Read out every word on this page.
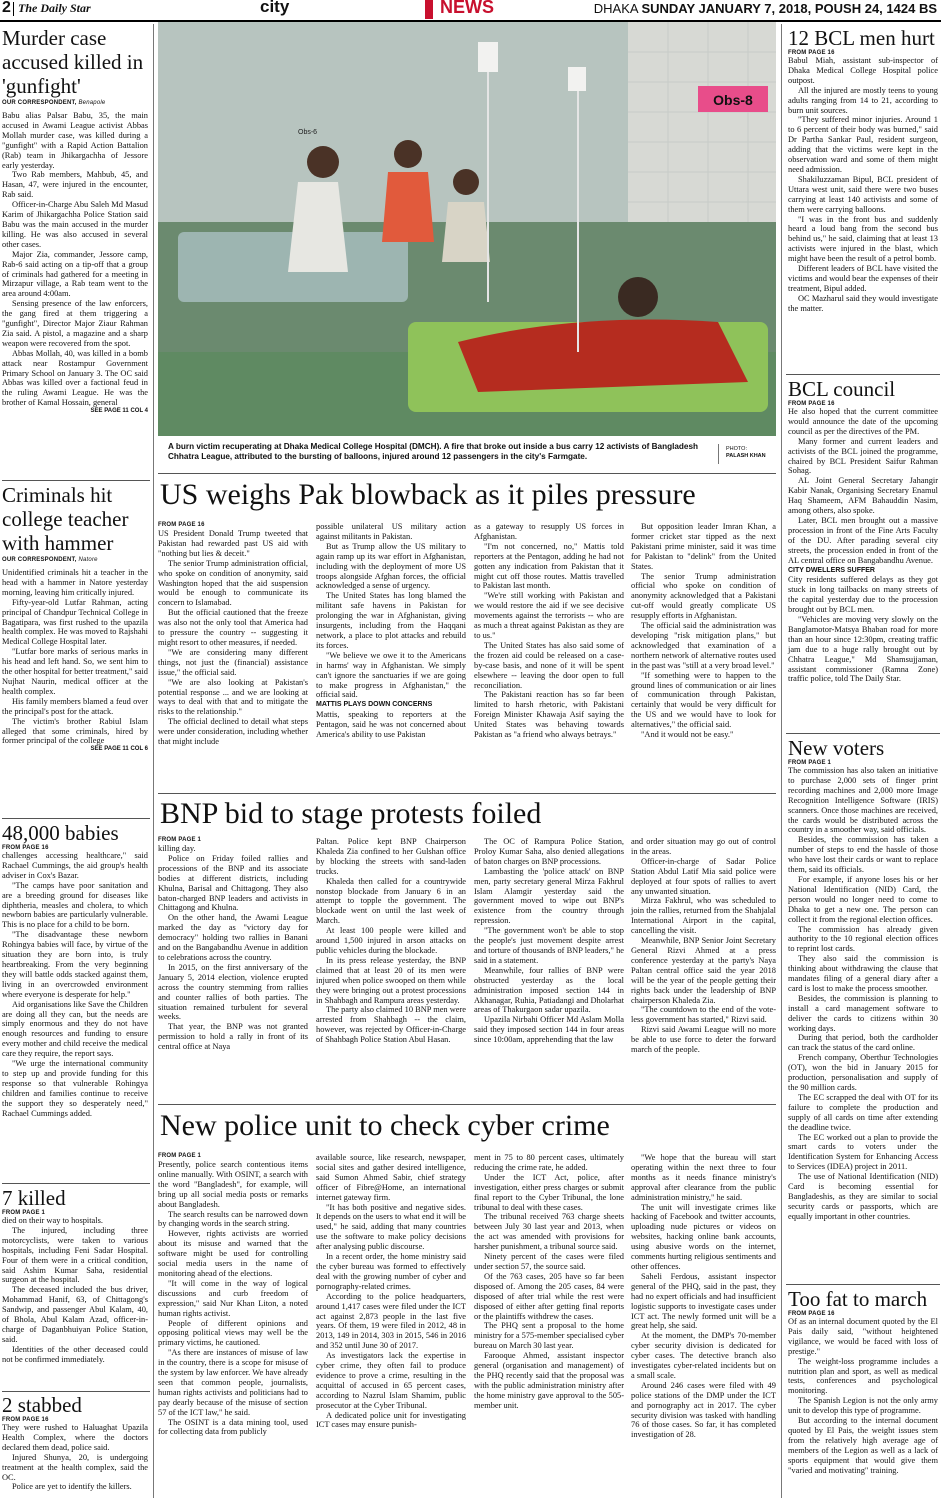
2 The Daily Star	city	NEWS	DHAKA SUNDAY JANUARY 7, 2018, POUSH 24, 1424 BS
Murder case accused killed in 'gunfight'
OUR CORRESPONDENT, Benapole

Babu alias Palsar Babu, 35, the main accused in Awami League activist Abbas Mollah murder case, was killed during a "gunfight" with a Rapid Action Battalion (Rab) team in Jhikargachha of Jessore early yesterday.

Two Rab members, Mahbub, 45, and Hasan, 47, were injured in the encounter, Rab said.

Officer-in-Charge Abu Saleh Md Masud Karim of Jhikargachha Police Station said Babu was the main accused in the murder killing. He was also accused in several other cases.

Major Zia, commander, Jessore camp, Rab-6 said acting on a tip-off that a group of criminals had gathered for a meeting in Mirzapur village, a Rab team went to the area around 4:00am.

Sensing presence of the law enforcers, the gang fired at them triggering a "gunfight", Director Major Ziaur Rahman Zia said. A pistol, a magazine and a sharp weapon were recovered from the spot.

Abbas Mollah, 40, was killed in a bomb attack near Rostampur Government Primary School on January 3. The OC said Abbas was killed over a factional feud in the ruling Awami League. He was the brother of Kamal Hossain, general

SEE PAGE 11 COL 4
Criminals hit college teacher with hammer
OUR CORRESPONDENT, Natore

Unidentified criminals hit a teacher in the head with a hammer in Natore yesterday morning, leaving him critically injured.

Fifty-year-old Lutfar Rahman, acting principal of Chandpur Technical College in Bagatipara, was first rushed to the upazila health complex. He was moved to Rajshahi Medical College Hospital later.

"Lutfar bore marks of serious marks in his head and left hand. So, we sent him to the other hospital for better treatment," said Nujhat Naurin, medical officer at the health complex.

His family members blamed a feud over the principal's post for the attack.

The victim's brother Rabiul Islam alleged that some criminals, hired by former principal of the college

SEE PAGE 11 COL 6
48,000 babies
FROM PAGE 16

challenges accessing healthcare," said Rachael Cummings, the aid group's health adviser in Cox's Bazar.

"The camps have poor sanitation and are a breeding ground for diseases like diphtheria, measles and cholera, to which newborn babies are particularly vulnerable. This is no place for a child to be born.

"The disadvantage these newborn Rohingya babies will face, by virtue of the situation they are born into, is truly heartbreaking. From the very beginning they will battle odds stacked against them, living in an overcrowded environment where everyone is desperate for help."

Aid organisations like Save the Children are doing all they can, but the needs are simply enormous and they do not have enough resources and funding to ensure every mother and child receive the medical care they require, the report says.

"We urge the international community to step up and provide funding for this response so that vulnerable Rohingya children and families continue to receive the support they so desperately need," Rachael Cummings added.

7 killed
FROM PAGE 1

died on their way to hospitals.

The injured, including three motorcyclists, were taken to various hospitals, including Feni Sadar Hospital. Four of them were in a critical condition, said Ashim Kumar Saha, residential surgeon at the hospital.

The deceased included the bus driver, Mohammad Hanif, 63, of Chittagong's Sandwip, and passenger Abul Kalam, 40, of Bhola, Abul Kalam Azad, officer-in-charge of Daganbhuiyan Police Station, said.

Identities of the other deceased could not be confirmed immediately.

2 stabbed
FROM PAGE 16

They were rushed to Haluaghat Upazila Health Complex, where the doctors declared them dead, police said.

Injured Shunya, 20, is undergoing treatment at the health complex, said the OC.

Police are yet to identify the killers.

Obs-8
Obs-6
A burn victim recuperating at Dhaka Medical College Hospital (DMCH). A fire that broke out inside a bus carry 12 activists of Bangladesh Chhatra League, attributed to the bursting of balloons, injured around 12 passengers in the city's Farmgate.
PHOTO:
PALASH KHAN
US weighs Pak blowback as it piles pressure
FROM PAGE 16

US President Donald Trump tweeted that Pakistan had rewarded past US aid with "nothing but lies & deceit."

The senior Trump administration official, who spoke on condition of anonymity, said Washington hoped that the aid suspension would be enough to communicate its concern to Islamabad.

But the official cautioned that the freeze was also not the only tool that America had to pressure the country -- suggesting it might resort to other measures, if needed.

"We are considering many different things, not just the (financial) assistance issue," the official said.

"We are also looking at Pakistan's potential response ... and we are looking at ways to deal with that and to mitigate the risks to the relationship."

The official declined to detail what steps were under consideration, including whether that might include

possible unilateral US military action against militants in Pakistan.

But as Trump allow the US military to again ramp up its war effort in Afghanistan, including with the deployment of more US troops alongside Afghan forces, the official acknowledged a sense of urgency.

The United States has long blamed the militant safe havens in Pakistan for prolonging the war in Afghanistan, giving insurgents, including from the Haqqani network, a place to plot attacks and rebuild its forces.

"We believe we owe it to the Americans in harms' way in Afghanistan. We simply can't ignore the sanctuaries if we are going to make progress in Afghanistan," the official said.

MATTIS PLAYS DOWN CONCERNS

Mattis, speaking to reporters at the Pentagon, said he was not concerned about America's ability to use Pakistan

as a gateway to resupply US forces in Afghanistan.

"I'm not concerned, no," Mattis told reporters at the Pentagon, adding he had not gotten any indication from Pakistan that it might cut off those routes. Mattis travelled to Pakistan last month.

"We're still working with Pakistan and we would restore the aid if we see decisive movements against the terrorists -- who are as much a threat against Pakistan as they are to us."

The United States has also said some of the frozen aid could be released on a case-by-case basis, and none of it will be spent elsewhere -- leaving the door open to full reconciliation.

The Pakistani reaction has so far been limited to harsh rhetoric, with Pakistani Foreign Minister Khawaja Asif saying the United States was behaving towards Pakistan as "a friend who always betrays."

But opposition leader Imran Khan, a former cricket star tipped as the next Pakistani prime minister, said it was time for Pakistan to "delink" from the United States.

The senior Trump administration official who spoke on condition of anonymity acknowledged that a Pakistani cut-off would greatly complicate US resupply efforts in Afghanistan.

The official said the administration was developing "risk mitigation plans," but acknowledged that examination of a northern network of alternative routes used in the past was "still at a very broad level."

"If something were to happen to the ground lines of communication or air lines of communication through Pakistan, certainly that would be very difficult for the US and we would have to look for alternatives," the official said.

"And it would not be easy."

BNP bid to stage protests foiled
FROM PAGE 1

killing day.

Police on Friday foiled rallies and processions of the BNP and its associate bodies at different districts, including Khulna, Barisal and Chittagong. They also baton-charged BNP leaders and activists in Chittagong and Khulna.

On the other hand, the Awami League marked the day as "victory day for democracy" holding two rallies in Banani and on the Bangabandhu Avenue in addition to celebrations across the country.

In 2015, on the first anniversary of the January 5, 2014 election, violence erupted across the country stemming from rallies and counter rallies of both parties. The situation remained turbulent for several weeks.

That year, the BNP was not granted permission to hold a rally in front of its central office at Naya

Paltan. Police kept BNP Chairperson Khaleda Zia confined to her Gulshan office by blocking the streets with sand-laden trucks.

Khaleda then called for a countrywide nonstop blockade from January 6 in an attempt to topple the government. The blockade went on until the last week of March.

At least 100 people were killed and around 1,500 injured in arson attacks on public vehicles during the blockade.

In its press release yesterday, the BNP claimed that at least 20 of its men were injured when police swooped on them while they were bringing out a protest processions in Shahbagh and Rampura areas yesterday.

The party also claimed 10 BNP men were arrested from Shahbagh -- the claim, however, was rejected by Officer-in-Charge of Shahbagh Police Station Abul Hasan.

The OC of Rampura Police Station, Proloy Kumar Saha, also denied allegations of baton charges on BNP processions.

Lambasting the 'police attack' on BNP men, party secretary general Mirza Fakhrul Islam Alamgir yesterday said the government moved to wipe out BNP's existence from the country through repression.

"The government won't be able to stop the people's just movement despite arrest and torture of thousands of BNP leaders," he said in a statement.

Meanwhile, four rallies of BNP were obstructed yesterday as the local administration imposed section 144 in Akhanagar, Ruhia, Patiadangi and Dholarhat areas of Thakurgaon sadar upazila.

Upazila Nirbahi Officer Md Aslam Molla said they imposed section 144 in four areas since 10:00am, apprehending that the law

and order situation may go out of control in the areas.

Officer-in-charge of Sadar Police Station Abdul Latif Mia said police were deployed at four spots of rallies to avert any unwanted situation.

Mirza Fakhrul, who was scheduled to join the rallies, returned from the Shahjalal International Airport in the capital, cancelling the visit.

Meanwhile, BNP Senior Joint Secretary General Rizvi Ahmed at a press conference yesterday at the party's Naya Paltan central office said the year 2018 will be the year of the people getting their rights back under the leadership of BNP chairperson Khaleda Zia.

"The countdown to the end of the vote-less government has started," Rizvi said.

Rizvi said Awami League will no more be able to use force to deter the forward march of the people.

New police unit to check cyber crime
FROM PAGE 1

Presently, police search contentious items online manually. With OSINT, a search with the word "Bangladesh", for example, will bring up all social media posts or remarks about Bangladesh.

The search results can be narrowed down by changing words in the search string.

However, rights activists are worried about its misuse and warned that the software might be used for controlling social media users in the name of monitoring ahead of the elections.

"It will come in the way of logical discussions and curb freedom of expression," said Nur Khan Liton, a noted human rights activist.

People of different opinions and opposing political views may well be the primary victims, he cautioned.

"As there are instances of misuse of law in the country, there is a scope for misuse of the system by law enforcer. We have already seen that common people, journalists, human rights activists and politicians had to pay dearly because of the misuse of section 57 of the ICT law," he said.

The OSINT is a data mining tool, used for collecting data from publicly

available source, like research, newspaper, social sites and gather desired intelligence, said Sumon Ahmed Sabir, chief strategy officer of Fibre@Home, an international internet gateway firm.

"It has both positive and negative sides. It depends on the users to what end it will be used," he said, adding that many countries use the software to make policy decisions after analysing public discourse.

In a recent order, the home ministry said the cyber bureau was formed to effectively deal with the growing number of cyber and pornography-related crimes.

According to the police headquarters, around 1,417 cases were filed under the ICT act against 2,873 people in the last five years. Of them, 19 were filed in 2012, 48 in 2013, 149 in 2014, 303 in 2015, 546 in 2016 and 352 until June 30 of 2017.

As investigators lack the expertise in cyber crime, they often fail to produce evidence to prove a crime, resulting in the acquittal of accused in 65 percent cases, according to Nazrul Islam Shamim, public prosecutor at the Cyber Tribunal.

A dedicated police unit for investigating ICT cases may ensure punish-

ment in 75 to 80 percent cases, ultimately reducing the crime rate, he added.

Under the ICT Act, police, after investigation, either press charges or submit final report to the Cyber Tribunal, the lone tribunal to deal with these cases.

The tribunal received 763 charge sheets between July 30 last year and 2013, when the act was amended with provisions for harsher punishment, a tribunal source said.

Ninety percent of the cases were filed under section 57, the source said.

Of the 763 cases, 205 have so far been disposed of. Among the 205 cases, 84 were disposed of after trial while the rest were disposed of either after getting final reports or the plaintiffs withdrew the cases.

The PHQ sent a proposal to the home ministry for a 575-member specialised cyber bureau on March 30 last year.

Farooque Ahmed, assistant inspector general (organisation and management) of the PHQ recently said that the proposal was with the public administration ministry after the home ministry gave approval to the 505-member unit.

"We hope that the bureau will start operating within the next three to four months as it needs finance ministry's approval after clearance from the public administration ministry," he said.

The unit will investigate crimes like hacking of Facebook and twitter accounts, uploading nude pictures or videos on websites, hacking online bank accounts, using abusive words on the internet, comments hurting religious sentiments and other offences.

Saheli Ferdous, assistant inspector general of the PHQ, said in the past, they had no expert officials and had insufficient logistic supports to investigate cases under ICT act. The newly formed unit will be a great help, she said.

At the moment, the DMP's 70-member cyber security division is dedicated for cyber cases. The detective branch also investigates cyber-related incidents but on a small scale.

Around 246 cases were filed with 49 police stations of the DMP under the ICT and pornography act in 2017. The cyber security division was tasked with handling 76 of those cases. So far, it has completed investigation of 28.

12 BCL men hurt
FROM PAGE 16

Babul Miah, assistant sub-inspector of Dhaka Medical College Hospital police outpost.

All the injured are mostly teens to young adults ranging from 14 to 21, according to burn unit sources.

"They suffered minor injuries. Around 1 to 6 percent of their body was burned," said Dr Partha Sankar Paul, resident surgeon, adding that the victims were kept in the observation ward and some of them might need admission.

Shakiluzzaman Bipul, BCL president of Uttara west unit, said there were two buses carrying at least 140 activists and some of them were carrying balloons.

"I was in the front bus and suddenly heard a loud bang from the second bus behind us," he said, claiming that at least 13 activists were injured in the blast, which might have been the result of a petrol bomb.

Different leaders of BCL have visited the victims and would bear the expenses of their treatment, Bipul added.

OC Mazharul said they would investigate the matter.

BCL council
FROM PAGE 16

He also hoped that the current committee would announce the date of the upcoming council as per the directives of the PM.

Many former and current leaders and activists of the BCL joined the programme, chaired by BCL President Saifur Rahman Sohag.

AL Joint General Secretary Jahangir Kabir Nanak, Organising Secretary Enamul Haq Shameem, AFM Bahauddin Nasim, among others, also spoke.

Later, BCL men brought out a massive procession in front of the Fine Arts Faculty of the DU. After parading several city streets, the procession ended in front of the AL central office on Bangabandhu Avenue.

CITY DWELLERS SUFFER

City residents suffered delays as they got stuck in long tailbacks on many streets of the capital yesterday due to the procession brought out by BCL men.

"Vehicles are moving very slowly on the Banglamotor-Matsya Bhaban road for more than an hour since 12:30pm, creating traffic jam due to a huge rally brought out by Chhatra League," Md Shamsujjaman, assistant commissioner (Ramna Zone) traffic police, told The Daily Star.

New voters
FROM PAGE 1

The commission has also taken an initiative to purchase 2,000 sets of finger print recording machines and 2,000 more Image Recognition Intelligence Software (IRIS) scanners. Once those machines are received, the cards would be distributed across the country in a smoother way, said officials.

Besides, the commission has taken a number of steps to end the hassle of those who have lost their cards or want to replace them, said its officials.

For example, if anyone loses his or her National Identification (NID) Card, the person would no longer need to come to Dhaka to get a new one. The person can collect it from the regional election offices.

The commission has already given authority to the 10 regional election offices to reprint lost cards.

They also said the commission is thinking about withdrawing the clause that mandates filing of a general diary after a card is lost to make the process smoother.

Besides, the commission is planning to install a card management software to deliver the cards to citizens within 30 working days.

During that period, both the cardholder can track the status of the card online.

French company, Oberthur Technologies (OT), won the bid in January 2015 for production, personalisation and supply of the 90 million cards.

The EC scrapped the deal with OT for its failure to complete the production and supply of all cards on time after extending the deadline twice.

The EC worked out a plan to provide the smart cards to voters under the Identification System for Enhancing Access to Services (IDEA) project in 2011.

The use of National Identification (NID) Card is becoming essential for Bangladeshis, as they are similar to social security cards or passports, which are equally important in other countries.

Too fat to march
FROM PAGE 16

Of as an internal document quoted by the El Pais daily said, "without heightened vigilance, we would be faced with loss of prestige."

The weight-loss programme includes a nutrition plan and sport, as well as medical tests, conferences and psychological monitoring.

The Spanish Legion is not the only army unit to develop this type of programme.

But according to the internal document quoted by El Pais, the weight issues stem from the relatively high average age of members of the Legion as well as a lack of sports equipment that would give them "varied and motivating" training.
